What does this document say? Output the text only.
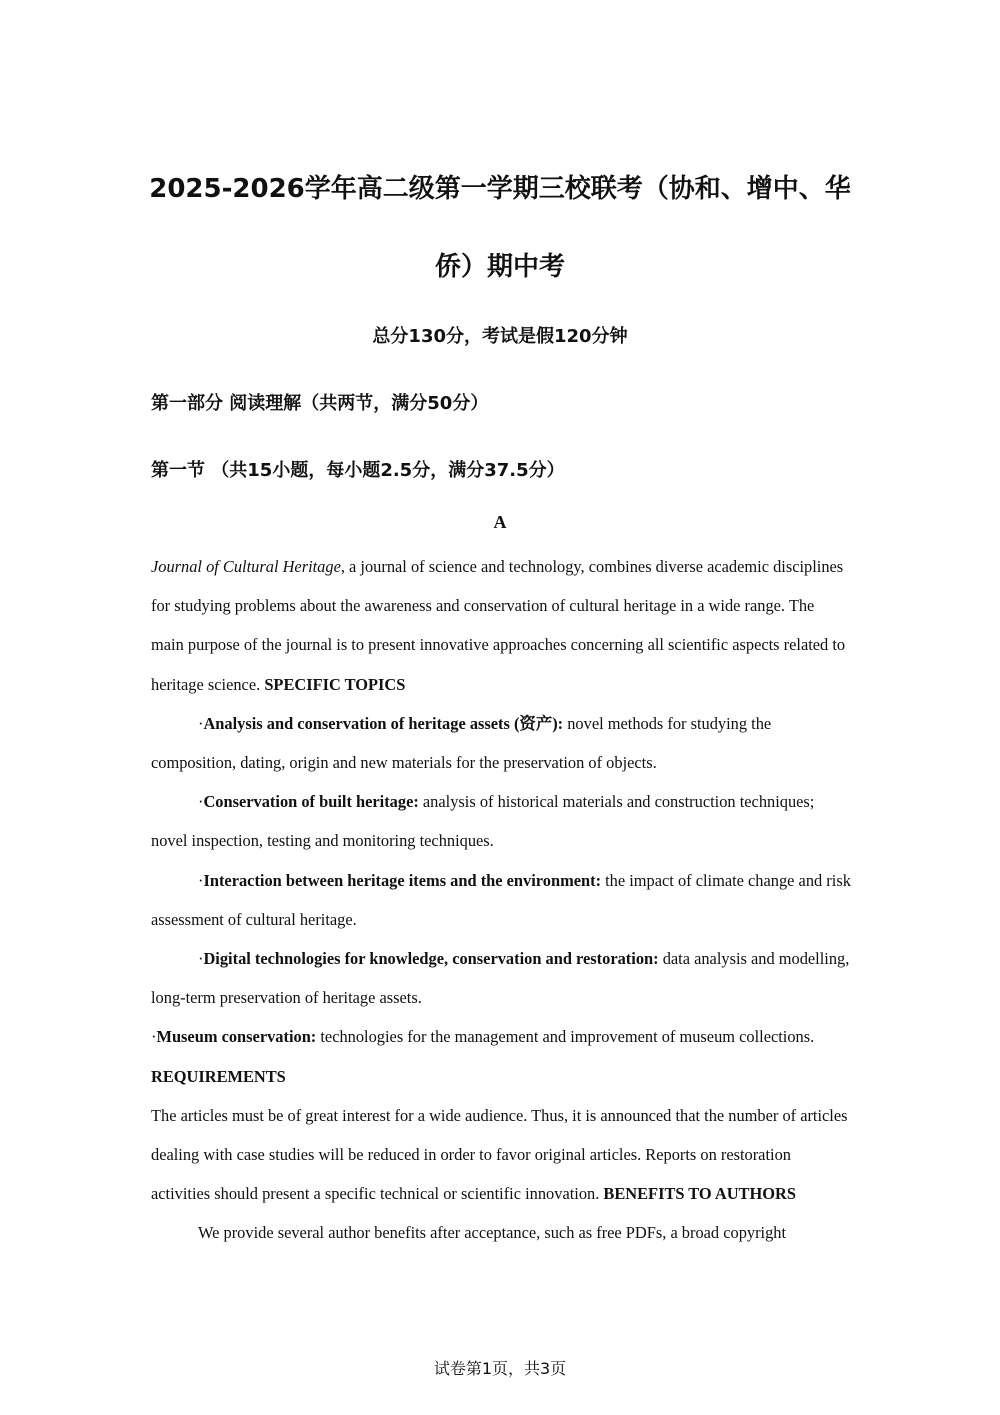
2025-2026学年高二级第一学期三校联考（协和、增中、华
侨）期中考
总分130分，考试是假120分钟
第一部分 阅读理解（共两节，满分50分）
第一节 （共15小题，每小题2.5分，满分37.5分）
A

Journal of Cultural Heritage, a journal of science and technology, combines diverse academic disciplines for studying problems about the awareness and conservation of cultural heritage in a wide range. The main purpose of the journal is to present innovative approaches concerning all scientific aspects related to heritage science. SPECIFIC TOPICS

·Analysis and conservation of heritage assets (资产): novel methods for studying the composition, dating, origin and new materials for the preservation of objects.

·Conservation of built heritage: analysis of historical materials and construction techniques; novel inspection, testing and monitoring techniques.

·Interaction between heritage items and the environment: the impact of climate change and risk assessment of cultural heritage.

·Digital technologies for knowledge, conservation and restoration: data analysis and modelling, long-term preservation of heritage assets.

·Museum conservation: technologies for the management and improvement of museum collections. REQUIREMENTS

The articles must be of great interest for a wide audience. Thus, it is announced that the number of articles dealing with case studies will be reduced in order to favor original articles. Reports on restoration activities should present a specific technical or scientific innovation. BENEFITS TO AUTHORS

We provide several author benefits after acceptance, such as free PDFs, a broad copyright

试卷第1页，共3页
